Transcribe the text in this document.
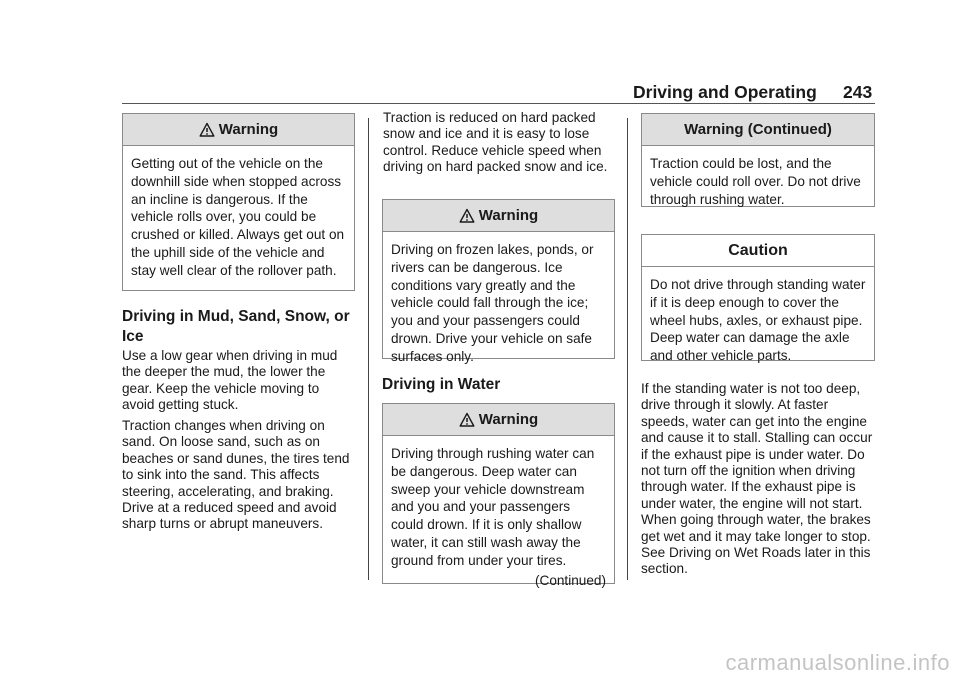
Driving and Operating 243
Warning
Getting out of the vehicle on the downhill side when stopped across an incline is dangerous. If the vehicle rolls over, you could be crushed or killed. Always get out on the uphill side of the vehicle and stay well clear of the rollover path.
Driving in Mud, Sand, Snow, or Ice

Use a low gear when driving in mud the deeper the mud, the lower the gear. Keep the vehicle moving to avoid getting stuck.

Traction changes when driving on sand. On loose sand, such as on beaches or sand dunes, the tires tend to sink into the sand. This affects steering, accelerating, and braking. Drive at a reduced speed and avoid sharp turns or abrupt maneuvers.

Traction is reduced on hard packed snow and ice and it is easy to lose control. Reduce vehicle speed when driving on hard packed snow and ice.

Warning
Driving on frozen lakes, ponds, or rivers can be dangerous. Ice conditions vary greatly and the vehicle could fall through the ice; you and your passengers could drown. Drive your vehicle on safe surfaces only.
Driving in Water
Warning
Driving through rushing water can be dangerous. Deep water can sweep your vehicle downstream and you and your passengers could drown. If it is only shallow water, it can still wash away the ground from under your tires.
(Continued)
Warning (Continued)
Traction could be lost, and the vehicle could roll over. Do not drive through rushing water.
Caution
Do not drive through standing water if it is deep enough to cover the wheel hubs, axles, or exhaust pipe. Deep water can damage the axle and other vehicle parts.

If the standing water is not too deep, drive through it slowly. At faster speeds, water can get into the engine and cause it to stall. Stalling can occur if the exhaust pipe is under water. Do not turn off the ignition when driving through water. If the exhaust pipe is under water, the engine will not start. When going through water, the brakes get wet and it may take longer to stop. See Driving on Wet Roads later in this section.

carmanualsonline.info
